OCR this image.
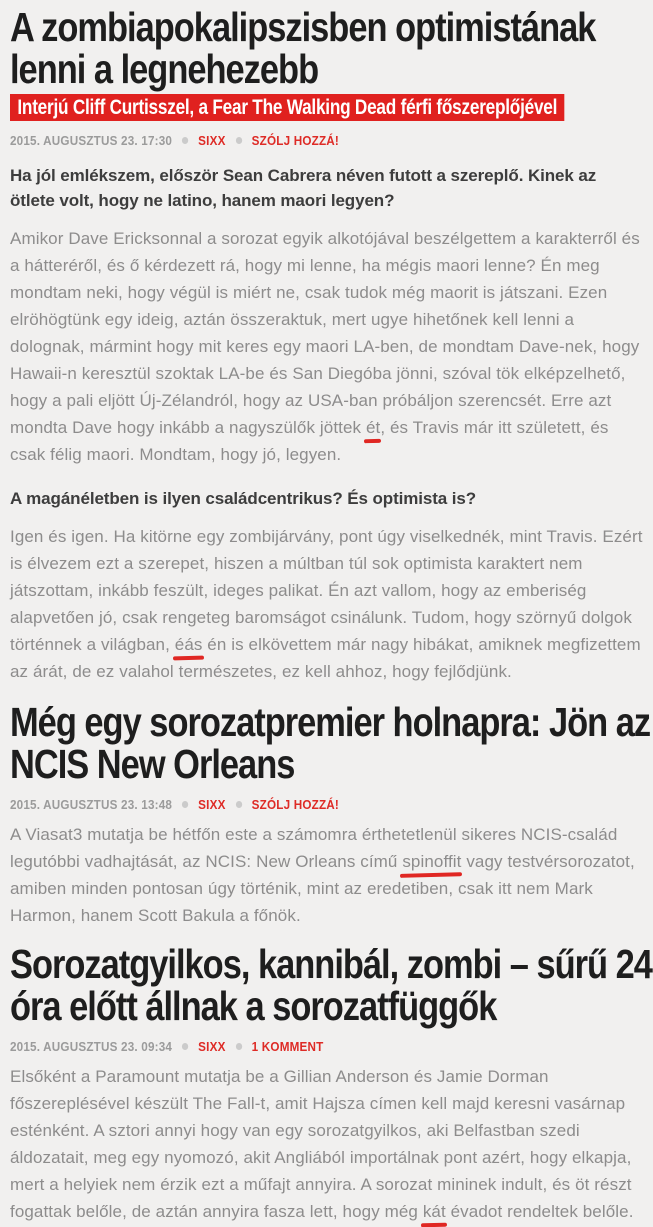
A zombiapokalipszisben optimistának
lenni a legnehezebb
Interjú Cliff Curtisszel, a Fear The Walking Dead férfi főszereplőjével
2015. AUGUSZTUS 23. 17:30 SIXX SZÓLJ HOZZÁ!

Ha jól emlékszem, először Sean Cabrera néven futott a szereplő. Kinek az ötlete volt, hogy ne latino, hanem maori legyen?

Amikor Dave Ericksonnal a sorozat egyik alkotójával beszélgettem a karakterről és a hátteréről, és ő kérdezett rá, hogy mi lenne, ha mégis maori lenne? Én meg mondtam neki, hogy végül is miért ne, csak tudok még maorit is játszani. Ezen elröhögtünk egy ideig, aztán összeraktuk, mert ugye hihetőnek kell lenni a dolognak, mármint hogy mit keres egy maori LA-ben, de mondtam Dave-nek, hogy Hawaii-n keresztül szoktak LA-be és San Diegóba jönni, szóval tök elképzelhető, hogy a pali eljött Új-Zélandról, hogy az USA-ban próbáljon szerencsét. Erre azt mondta Dave hogy inkább a nagyszülők jöttek ét, és Travis már itt született, és csak félig maori. Mondtam, hogy jó, legyen.

A magánéletben is ilyen családcentrikus? És optimista is?

Igen és igen. Ha kitörne egy zombijárvány, pont úgy viselkednék, mint Travis. Ezért is élvezem ezt a szerepet, hiszen a múltban túl sok optimista karaktert nem játszottam, inkább feszült, ideges palikat. Én azt vallom, hogy az emberiség alapvetően jó, csak rengeteg baromságot csinálunk. Tudom, hogy szörnyű dolgok történnek a világban, éás én is elkövettem már nagy hibákat, amiknek megfizettem az árát, de ez valahol természetes, ez kell ahhoz, hogy fejlődjünk.

Még egy sorozatpremier holnapra: Jön az
NCIS New Orleans
2015. AUGUSZTUS 23. 13:48 SIXX SZÓLJ HOZZÁ!

A Viasat3 mutatja be hétfőn este a számomra érthetetlenül sikeres NCIS-család legutóbbi vadhajtását, az NCIS: New Orleans című spinoffit vagy testvérsorozatot, amiben minden pontosan úgy történik, mint az eredetiben, csak itt nem Mark Harmon, hanem Scott Bakula a főnök.

Sorozatgyilkos, kannibál, zombi – sűrű 24
óra előtt állnak a sorozatfüggők
2015. AUGUSZTUS 23. 09:34 SIXX 1 KOMMENT

Elsőként a Paramount mutatja be a Gillian Anderson és Jamie Dorman főszereplésével készült The Fall-t, amit Hajsza címen kell majd keresni vasárnap esténként. A sztori annyi hogy van egy sorozatgyilkos, aki Belfastban szedi áldozatait, meg egy nyomozó, akit Angliából importálnak pont azért, hogy elkapja, mert a helyiek nem érzik ezt a műfajt annyira. A sorozat mininek indult, és öt részt fogattak belőle, de aztán annyira fasza lett, hogy még kát évadot rendeltek belőle.
